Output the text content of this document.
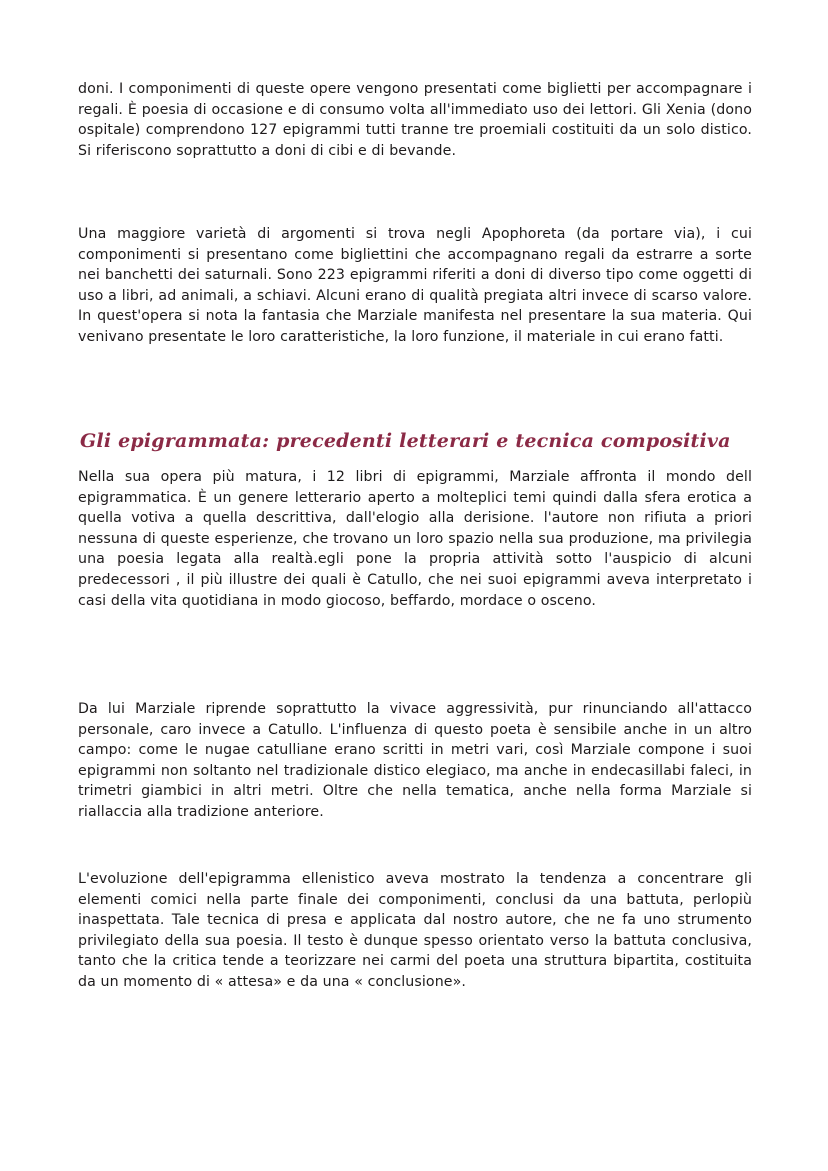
doni. I componimenti di queste opere vengono presentati come biglietti per accompagnare i regali. È poesia di occasione e di consumo volta all'immediato uso dei lettori. Gli Xenia (dono ospitale) comprendono 127 epigrammi tutti tranne tre proemiali costituiti da un solo distico. Si riferiscono soprattutto a doni di cibi e di bevande.

Una maggiore varietà di argomenti si trova negli Apophoreta (da portare via), i cui componimenti si presentano come bigliettini che accompagnano regali da estrarre a sorte nei banchetti dei saturnali. Sono 223 epigrammi riferiti a doni di diverso tipo come oggetti di uso a libri, ad animali, a schiavi. Alcuni erano di qualità pregiata altri invece di scarso valore. In quest'opera si nota la fantasia che Marziale manifesta nel presentare la sua materia. Qui venivano presentate le loro caratteristiche, la loro funzione, il materiale in cui erano fatti.

Gli epigrammata: precedenti letterari e tecnica compositiva

Nella sua opera più matura, i 12 libri di epigrammi, Marziale affronta il mondo dell epigrammatica. È un genere letterario aperto a molteplici temi quindi dalla sfera erotica a quella votiva a quella descrittiva, dall'elogio alla derisione. l'autore non rifiuta a priori nessuna di queste esperienze, che trovano un loro spazio nella sua produzione, ma privilegia una poesia legata alla realtà.egli pone la propria attività sotto l'auspicio di alcuni predecessori , il più illustre dei quali è Catullo, che nei suoi epigrammi aveva interpretato i casi della vita quotidiana in modo giocoso, beffardo, mordace o osceno.

Da lui Marziale riprende soprattutto la vivace aggressività, pur rinunciando all'attacco personale, caro invece a Catullo. L'influenza di questo poeta è sensibile anche in un altro campo: come le nugae catulliane erano scritti in metri vari, così Marziale compone i suoi epigrammi non soltanto nel tradizionale distico elegiaco, ma anche in endecasillabi faleci, in trimetri giambici in altri metri. Oltre che nella tematica, anche nella forma Marziale si riallaccia alla tradizione anteriore.

L'evoluzione dell'epigramma ellenistico aveva mostrato la tendenza a concentrare gli elementi comici nella parte finale dei componimenti, conclusi da una battuta, perlopiù inaspettata. Tale tecnica di presa e applicata dal nostro autore, che ne fa uno strumento privilegiato della sua poesia. Il testo è dunque spesso orientato verso la battuta conclusiva, tanto che la critica tende a teorizzare nei carmi del poeta una struttura bipartita, costituita da un momento di « attesa» e da una « conclusione».
